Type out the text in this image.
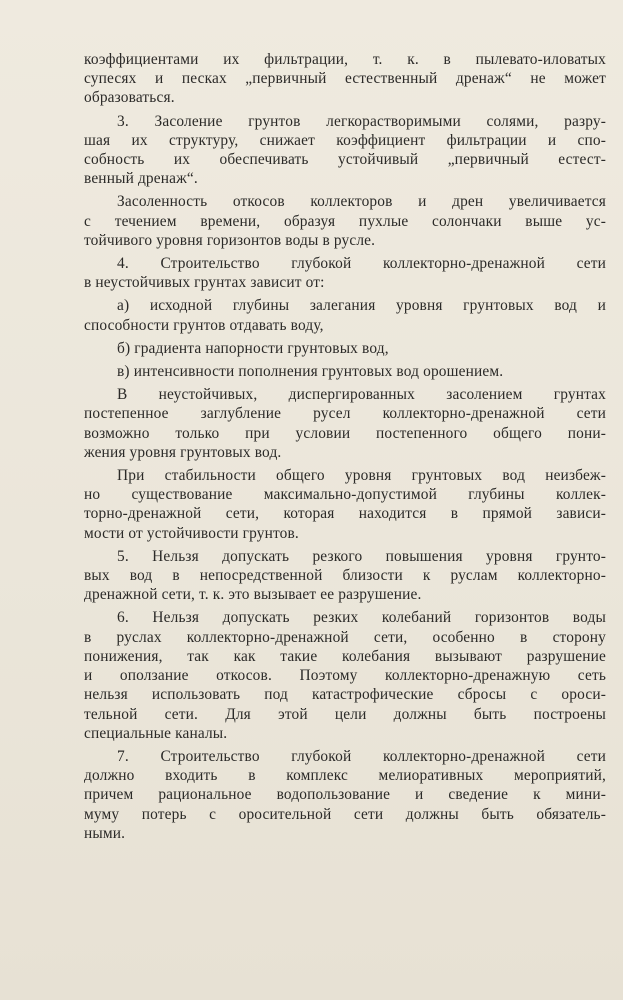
коэффициентами их фильтрации, т. к. в пылевато-иловатых
супесях и песках „первичный естественный дренаж“ не может
образоваться.
3. Засоление грунтов легкорастворимыми солями, разру-
шая их структуру, снижает коэффициент фильтрации и спо-
собность их обеспечивать устойчивый „первичный естест-
венный дренаж“.
Засоленность откосов коллекторов и дрен увеличивается
с течением времени, образуя пухлые солончаки выше ус-
тойчивого уровня горизонтов воды в русле.
4. Строительство глубокой коллекторно-дренажной сети
в неустойчивых грунтах зависит от:
а) исходной глубины залегания уровня грунтовых вод и
способности грунтов отдавать воду,
б) градиента напорности грунтовых вод,
в) интенсивности пополнения грунтовых вод орошением.
В неустойчивых, диспергированных засолением грунтах
постепенное заглубление русел коллекторно-дренажной сети
возможно только при условии постепенного общего пони-
жения уровня грунтовых вод.
При стабильности общего уровня грунтовых вод неизбеж-
но существование максимально-допустимой глубины коллек-
торно-дренажной сети, которая находится в прямой зависи-
мости от устойчивости грунтов.
5. Нельзя допускать резкого повышения уровня грунто-
вых вод в непосредственной близости к руслам коллекторно-
дренажной сети, т. к. это вызывает ее разрушение.
6. Нельзя допускать резких колебаний горизонтов воды
в руслах коллекторно-дренажной сети, особенно в сторону
понижения, так как такие колебания вызывают разрушение
и оползание откосов. Поэтому коллекторно-дренажную сеть
нельзя использовать под катастрофические сбросы с ороси-
тельной сети. Для этой цели должны быть построены
специальные каналы.
7. Строительство глубокой коллекторно-дренажной сети
должно входить в комплекс мелиоративных мероприятий,
причем рациональное водопользование и сведение к мини-
муму потерь с оросительной сети должны быть обязатель-
ными.
